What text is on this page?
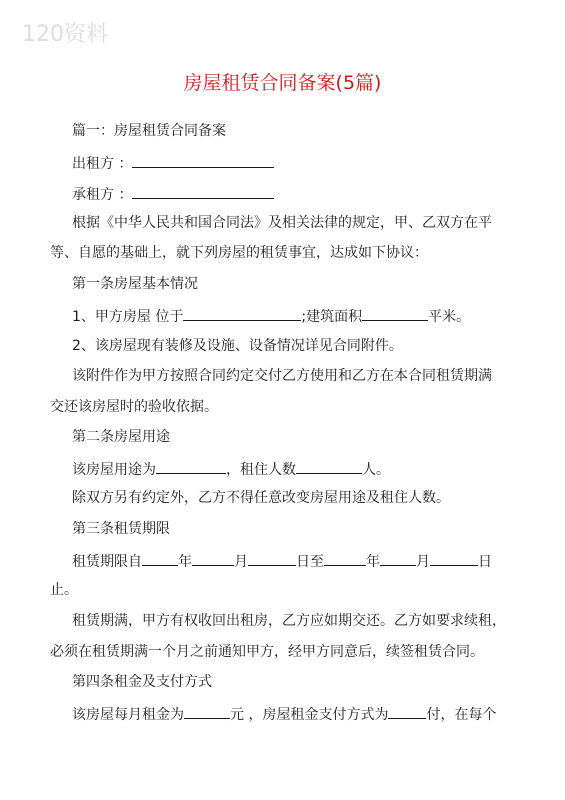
120资料
房屋租赁合同备案(5篇)
篇一：房屋租赁合同备案
出租方 ：
承租方 ：
根据《中华人民共和国合同法》及相关法律的规定，甲、乙双方在平
等、自愿的基础上，就下列房屋的租赁事宜，达成如下协议：
第一条房屋基本情况
1、甲方房屋 位于	;建筑面积	平米。
2、该房屋现有装修及设施、设备情况详见合同附件。
该附件作为甲方按照合同约定交付乙方使用和乙方在本合同租赁期满
交还该房屋时的验收依据。
第二条房屋用途
该房屋用途为	，租住人数	人。
除双方另有约定外，乙方不得任意改变房屋用途及租住人数。
第三条租赁期限
租赁期限自	年	月	日至	年	月	日
止。
租赁期满，甲方有权收回出租房，乙方应如期交还。乙方如要求续租，
必须在租赁期满一个月之前通知甲方，经甲方同意后，续签租赁合同。
第四条租金及支付方式
该房屋每月租金为	元 ，房屋租金支付方式为	付，在每个
